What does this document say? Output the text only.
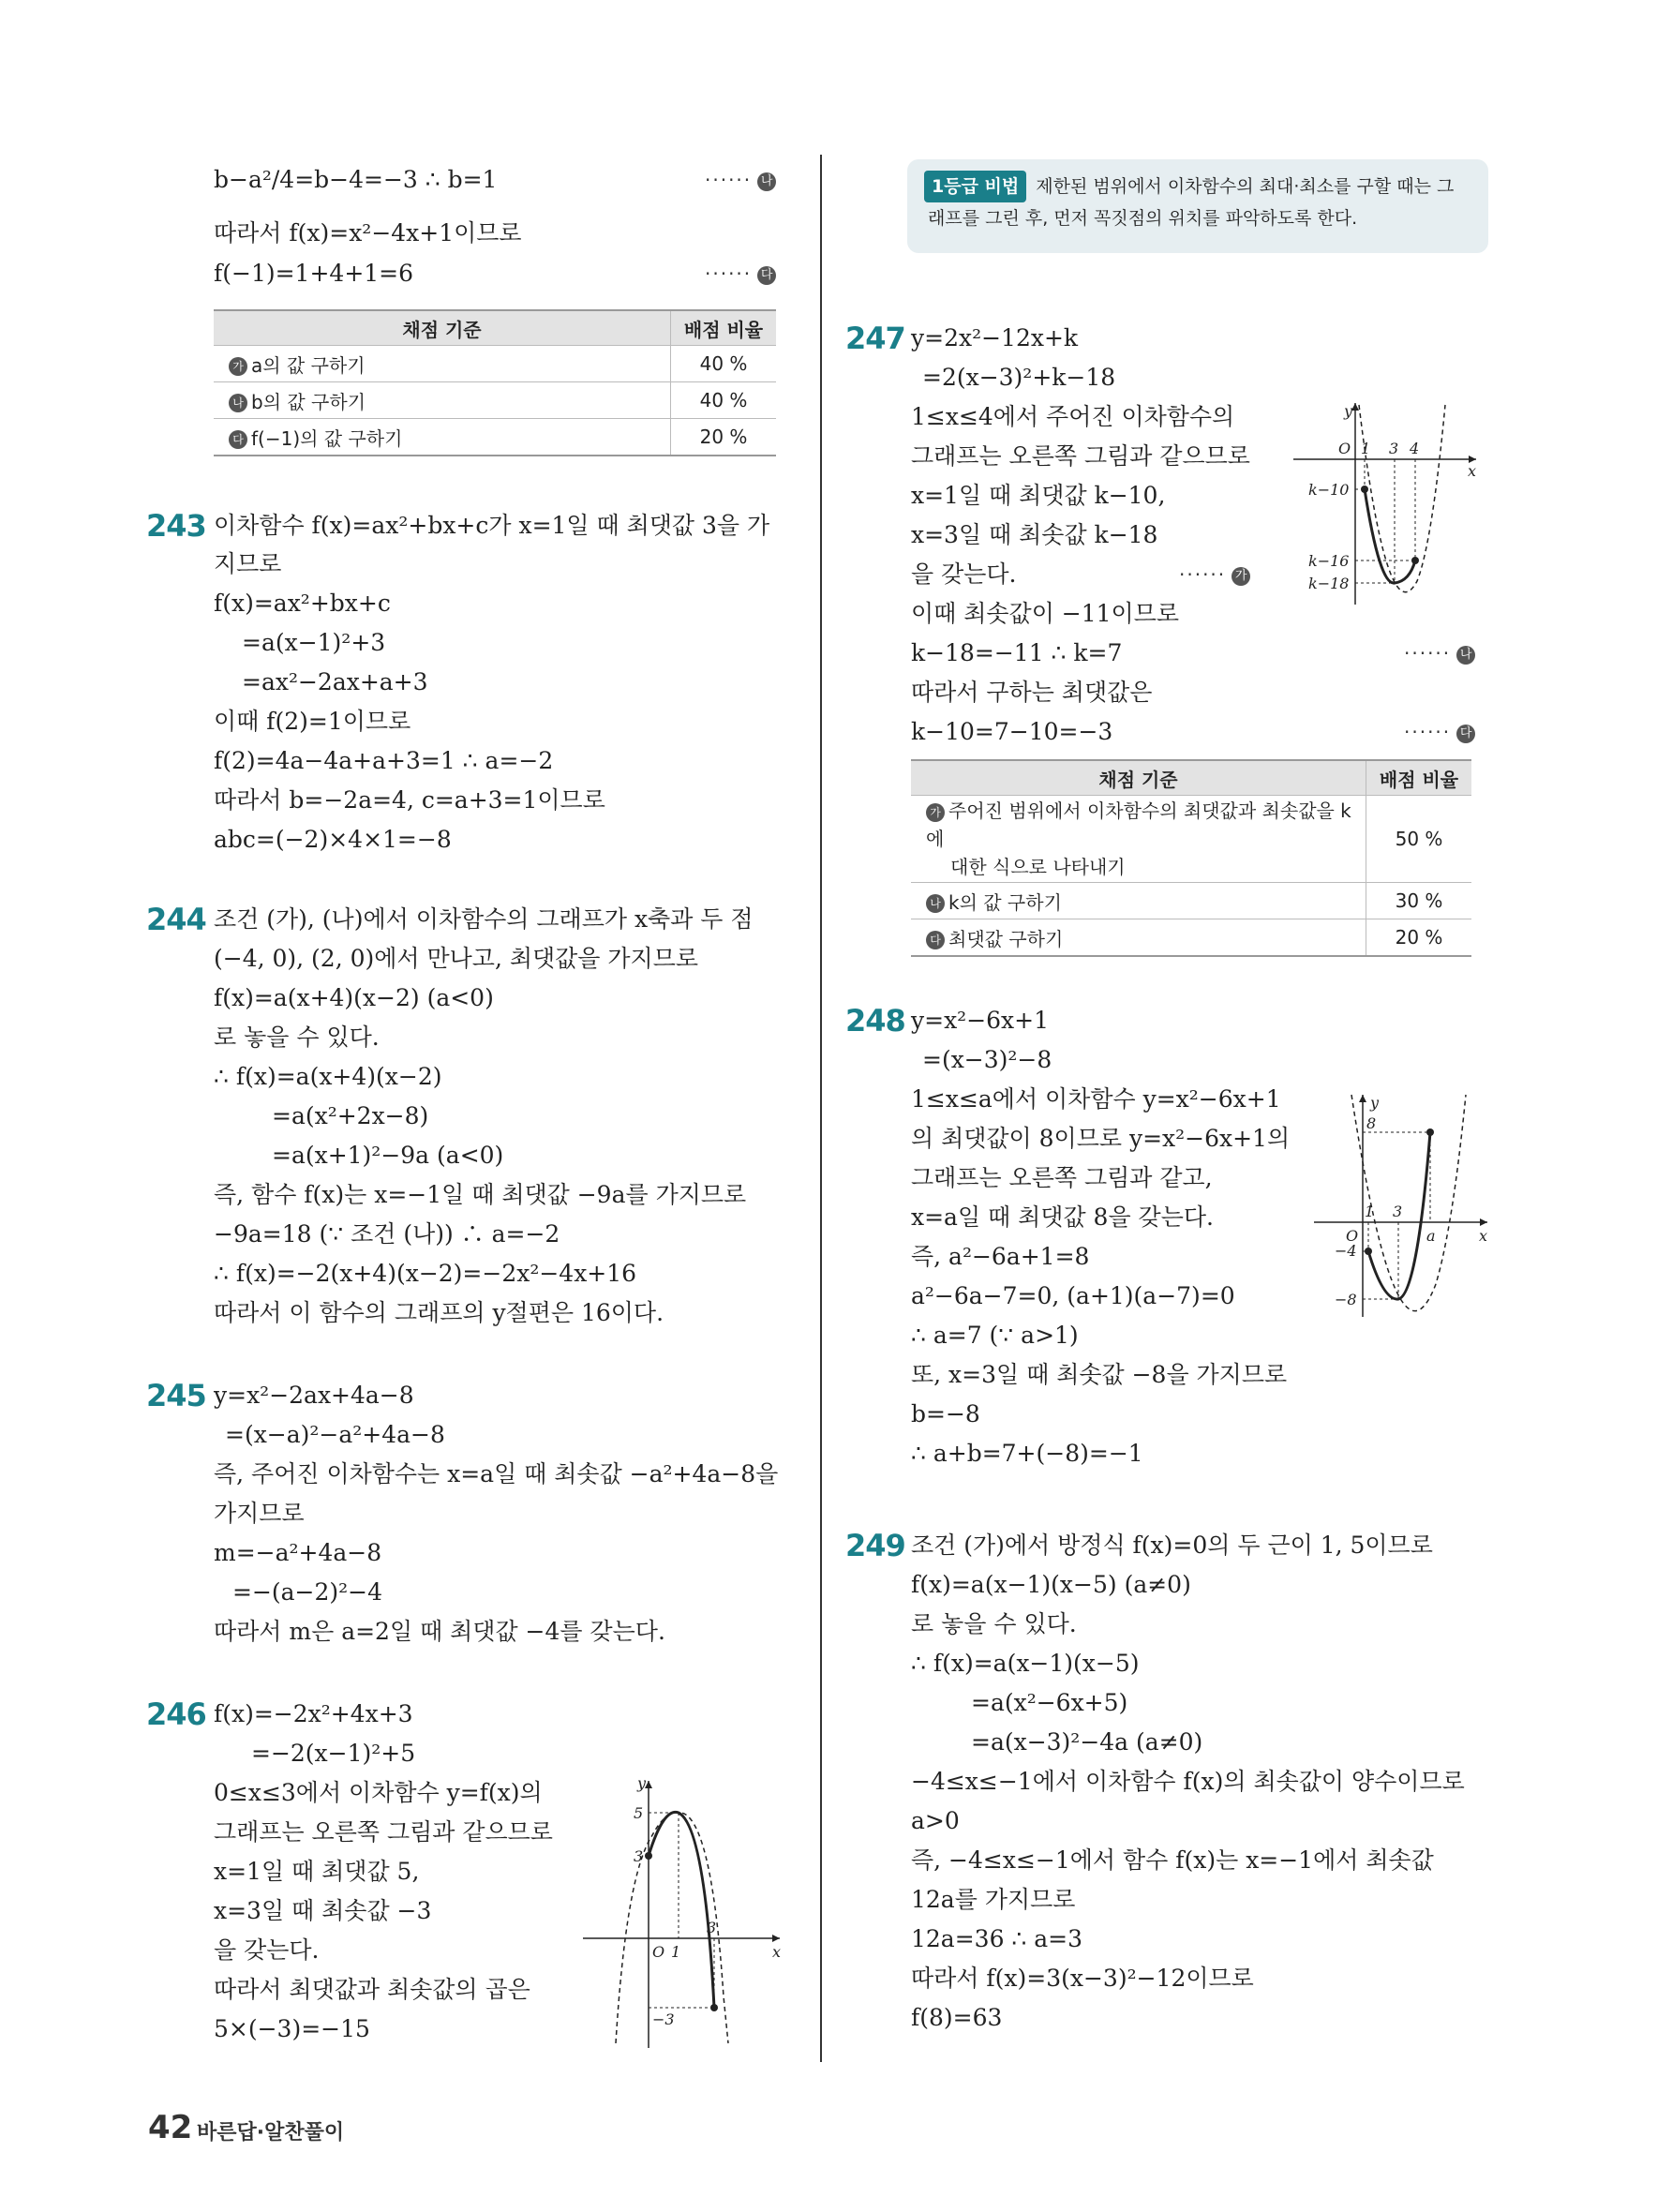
b−a²/4=b−4=−3 ∴ b=1	······ 나
따라서 f(x)=x²−4x+1이므로
f(−1)=1+4+1=6	······ 다
채점 기준	배점 비율
가 a의 값 구하기	40 %
나 b의 값 구하기	40 %
다 f(−1)의 값 구하기	20 %
243 이차함수 f(x)=ax²+bx+c가 x=1일 때 최댓값 3을 가
지므로
f(x)=ax²+bx+c
=a(x−1)²+3
=ax²−2ax+a+3
이때 f(2)=1이므로
f(2)=4a−4a+a+3=1 ∴ a=−2
따라서 b=−2a=4, c=a+3=1이므로
abc=(−2)×4×1=−8
244 조건 (가), (나)에서 이차함수의 그래프가 x축과 두 점
(−4, 0), (2, 0)에서 만나고, 최댓값을 가지므로
f(x)=a(x+4)(x−2) (a<0)
로 놓을 수 있다.
∴ f(x)=a(x+4)(x−2)
=a(x²+2x−8)
=a(x+1)²−9a (a<0)
즉, 함수 f(x)는 x=−1일 때 최댓값 −9a를 가지므로
−9a=18 (∵ 조건 (나)) ∴ a=−2
∴ f(x)=−2(x+4)(x−2)=−2x²−4x+16
따라서 이 함수의 그래프의 y절편은 16이다.
245 y=x²−2ax+4a−8
=(x−a)²−a²+4a−8
즉, 주어진 이차함수는 x=a일 때 최솟값 −a²+4a−8을
가지므로
m=−a²+4a−8
=−(a−2)²−4
따라서 m은 a=2일 때 최댓값 −4를 갖는다.
246 f(x)=−2x²+4x+3
=−2(x−1)²+5
0≤x≤3에서 이차함수 y=f(x)의
그래프는 오른쪽 그림과 같으므로
x=1일 때 최댓값 5,
x=3일 때 최솟값 −3
을 갖는다.
따라서 최댓값과 최솟값의 곱은
5×(−3)=−15
y
x
O 1
3
5
3
−3
1등급 비법 제한된 범위에서 이차함수의 최대·최소를 구할 때는 그
래프를 그린 후, 먼저 꼭짓점의 위치를 파악하도록 한다.
247 y=2x²−12x+k
=2(x−3)²+k−18
1≤x≤4에서 주어진 이차함수의
그래프는 오른쪽 그림과 같으므로
x=1일 때 최댓값 k−10,
x=3일 때 최솟값 k−18
을 갖는다.	······ 가
이때 최솟값이 −11이므로
k−18=−11 ∴ k=7	······ 나
따라서 구하는 최댓값은
k−10=7−10=−3	······ 다
y
x
O 1 3 4
k−10
k−16
k−18
채점 기준	배점 비율
가 주어진 범위에서 이차함수의 최댓값과 최솟값을 k에
대한 식으로 나타내기	50 %
나 k의 값 구하기	30 %
다 최댓값 구하기	20 %
248 y=x²−6x+1
=(x−3)²−8
1≤x≤a에서 이차함수 y=x²−6x+1
의 최댓값이 8이므로 y=x²−6x+1의
그래프는 오른쪽 그림과 같고,
x=a일 때 최댓값 8을 갖는다.
즉, a²−6a+1=8
a²−6a−7=0, (a+1)(a−7)=0
∴ a=7 (∵ a>1)
또, x=3일 때 최솟값 −8을 가지므로
b=−8
∴ a+b=7+(−8)=−1
y
x
O
1 3
a
8
−4
−8
249 조건 (가)에서 방정식 f(x)=0의 두 근이 1, 5이므로
f(x)=a(x−1)(x−5) (a≠0)
로 놓을 수 있다.
∴ f(x)=a(x−1)(x−5)
=a(x²−6x+5)
=a(x−3)²−4a (a≠0)
−4≤x≤−1에서 이차함수 f(x)의 최솟값이 양수이므로
a>0
즉, −4≤x≤−1에서 함수 f(x)는 x=−1에서 최솟값
12a를 가지므로
12a=36 ∴ a=3
따라서 f(x)=3(x−3)²−12이므로
f(8)=63
42 바른답·알찬풀이
